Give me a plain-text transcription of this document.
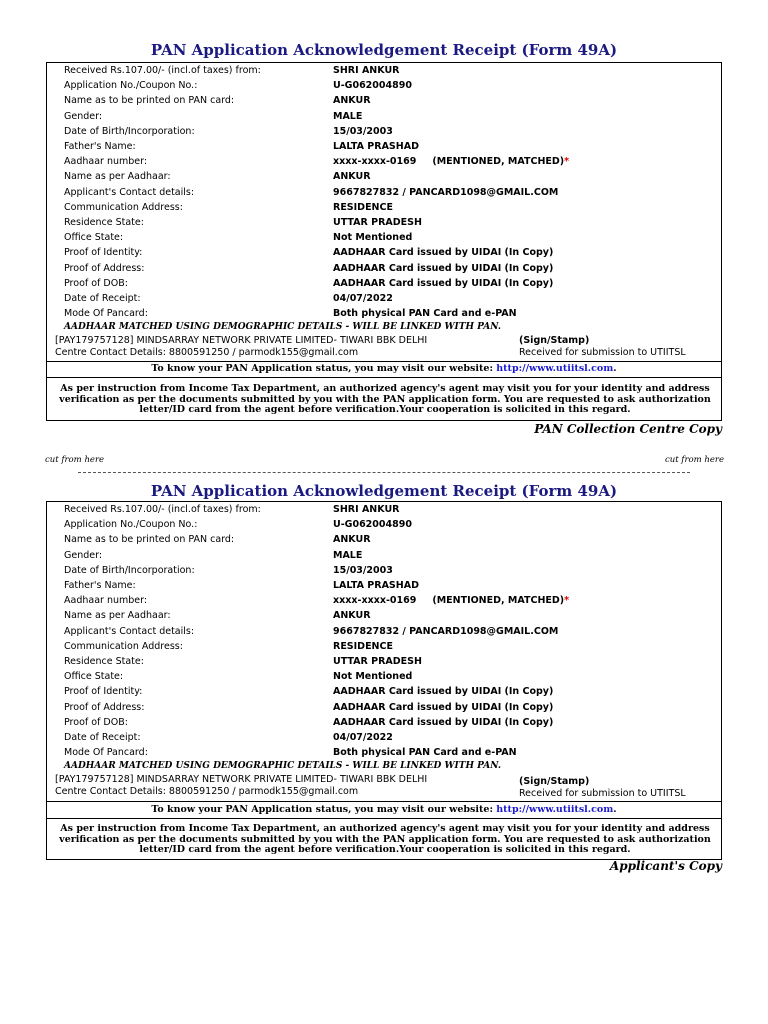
PAN Application Acknowledgement Receipt (Form 49A)
Received Rs.107.00/- (incl.of taxes) from:	SHRI ANKUR
Application No./Coupon No.:	U-G062004890
Name as to be printed on PAN card:	ANKUR
Gender:	MALE
Date of Birth/Incorporation:	15/03/2003
Father's Name:	LALTA PRASHAD
Aadhaar number:	xxxx-xxxx-0169 (MENTIONED, MATCHED)*
Name as per Aadhaar:	ANKUR
Applicant's Contact details:	9667827832 / PANCARD1098@GMAIL.COM
Communication Address:	RESIDENCE
Residence State:	UTTAR PRADESH
Office State:	Not Mentioned
Proof of Identity:	AADHAAR Card issued by UIDAI (In Copy)
Proof of Address:	AADHAAR Card issued by UIDAI (In Copy)
Proof of DOB:	AADHAAR Card issued by UIDAI (In Copy)
Date of Receipt:	04/07/2022
Mode Of Pancard:	Both physical PAN Card and e-PAN
AADHAAR MATCHED USING DEMOGRAPHIC DETAILS - WILL BE LINKED WITH PAN.
[PAY179757128] MINDSARRAY NETWORK PRIVATE LIMITED- TIWARI BBK DELHI	(Sign/Stamp)
Centre Contact Details: 8800591250 / parmodk155@gmail.com	Received for submission to UTIITSL
To know your PAN Application status, you may visit our website: http://www.utiitsl.com.
As per instruction from Income Tax Department, an authorized agency's agent may visit you for your identity and address verification as per the documents submitted by you with the PAN application form. You are requested to ask authorization letter/ID card from the agent before verification.Your cooperation is solicited in this regard.
PAN Collection Centre Copy
cut from here	cut from here
PAN Application Acknowledgement Receipt (Form 49A)
Received Rs.107.00/- (incl.of taxes) from:	SHRI ANKUR
Application No./Coupon No.:	U-G062004890
Name as to be printed on PAN card:	ANKUR
Gender:	MALE
Date of Birth/Incorporation:	15/03/2003
Father's Name:	LALTA PRASHAD
Aadhaar number:	xxxx-xxxx-0169 (MENTIONED, MATCHED)*
Name as per Aadhaar:	ANKUR
Applicant's Contact details:	9667827832 / PANCARD1098@GMAIL.COM
Communication Address:	RESIDENCE
Residence State:	UTTAR PRADESH
Office State:	Not Mentioned
Proof of Identity:	AADHAAR Card issued by UIDAI (In Copy)
Proof of Address:	AADHAAR Card issued by UIDAI (In Copy)
Proof of DOB:	AADHAAR Card issued by UIDAI (In Copy)
Date of Receipt:	04/07/2022
Mode Of Pancard:	Both physical PAN Card and e-PAN
AADHAAR MATCHED USING DEMOGRAPHIC DETAILS - WILL BE LINKED WITH PAN.
[PAY179757128] MINDSARRAY NETWORK PRIVATE LIMITED- TIWARI BBK DELHI	(Sign/Stamp)
Centre Contact Details: 8800591250 / parmodk155@gmail.com	Received for submission to UTIITSL
To know your PAN Application status, you may visit our website: http://www.utiitsl.com.
As per instruction from Income Tax Department, an authorized agency's agent may visit you for your identity and address verification as per the documents submitted by you with the PAN application form. You are requested to ask authorization letter/ID card from the agent before verification.Your cooperation is solicited in this regard.
Applicant's Copy
